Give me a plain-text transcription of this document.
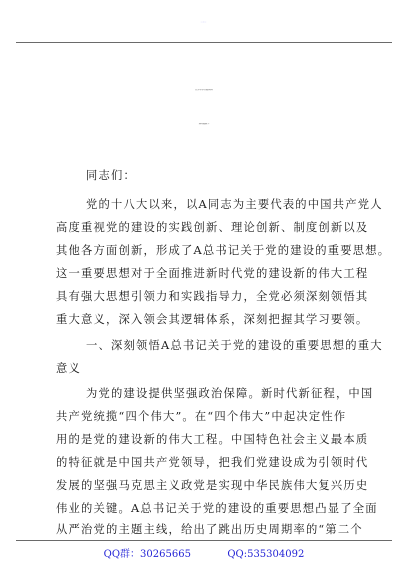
同志们：
党的十八大以来，以A同志为主要代表的中国共产党人
高度重视党的建设的实践创新、理论创新、制度创新以及
其他各方面创新，形成了A总书记关于党的建设的重要思想。
这一重要思想对于全面推进新时代党的建设新的伟大工程
具有强大思想引领力和实践指导力，全党必须深刻领悟其
重大意义，深入领会其逻辑体系，深刻把握其学习要领。
一、深刻领悟A总书记关于党的建设的重要思想的重大
意义
为党的建设提供坚强政治保障。新时代新征程，中国
共产党统揽“四个伟大”。在“四个伟大”中起决定性作
用的是党的建设新的伟大工程。中国特色社会主义最本质
的特征就是中国共产党领导，把我们党建设成为引领时代
发展的坚强马克思主义政党是实现中华民族伟大复兴历史
伟业的关键。A总书记关于党的建设的重要思想凸显了全面
从严治党的主题主线，给出了跳出历史周期率的“第二个
QQ群：30265665	QQ:535304092
